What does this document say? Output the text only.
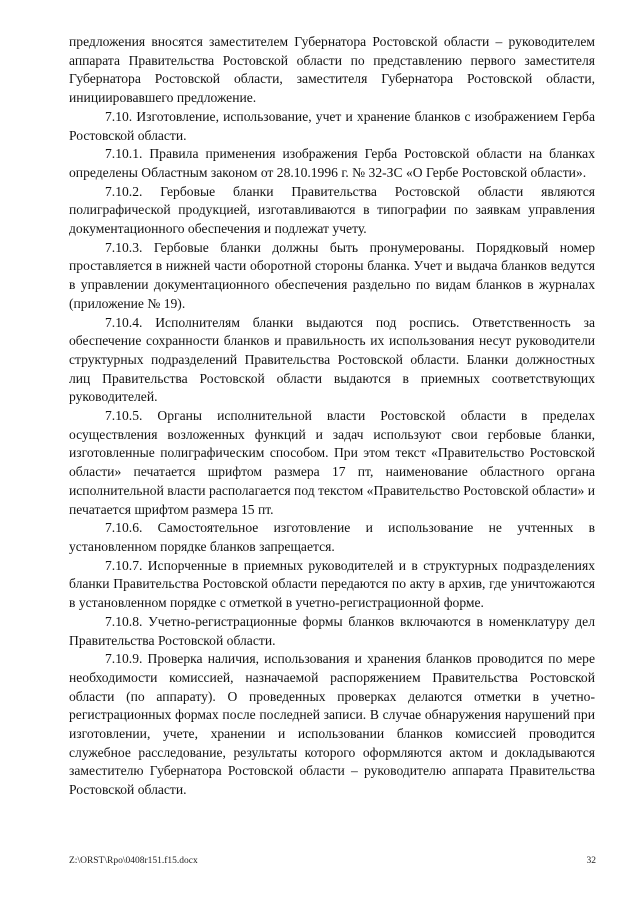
предложения вносятся заместителем Губернатора Ростовской области – руководителем аппарата Правительства Ростовской области по представлению первого заместителя Губернатора Ростовской области, заместителя Губернатора Ростовской области, инициировавшего предложение.

7.10. Изготовление, использование, учет и хранение бланков с изображением Герба Ростовской области.

7.10.1. Правила применения изображения Герба Ростовской области на бланках определены Областным законом от 28.10.1996 г. № 32-ЗС «О Гербе Ростовской области».

7.10.2. Гербовые бланки Правительства Ростовской области являются полиграфической продукцией, изготавливаются в типографии по заявкам управления документационного обеспечения и подлежат учету.

7.10.3. Гербовые бланки должны быть пронумерованы. Порядковый номер проставляется в нижней части оборотной стороны бланка. Учет и выдача бланков ведутся в управлении документационного обеспечения раздельно по видам бланков в журналах (приложение № 19).

7.10.4. Исполнителям бланки выдаются под роспись. Ответственность за обеспечение сохранности бланков и правильность их использования несут руководители структурных подразделений Правительства Ростовской области. Бланки должностных лиц Правительства Ростовской области выдаются в приемных соответствующих руководителей.

7.10.5. Органы исполнительной власти Ростовской области в пределах осуществления возложенных функций и задач используют свои гербовые бланки, изготовленные полиграфическим способом. При этом текст «Правительство Ростовской области» печатается шрифтом размера 17 пт, наименование областного органа исполнительной власти располагается под текстом «Правительство Ростовской области» и печатается шрифтом размера 15 пт.

7.10.6. Самостоятельное изготовление и использование не учтенных в установленном порядке бланков запрещается.

7.10.7. Испорченные в приемных руководителей и в структурных подразделениях бланки Правительства Ростовской области передаются по акту в архив, где уничтожаются в установленном порядке с отметкой в учетно-регистрационной форме.

7.10.8. Учетно-регистрационные формы бланков включаются в номенклатуру дел Правительства Ростовской области.

7.10.9. Проверка наличия, использования и хранения бланков проводится по мере необходимости комиссией, назначаемой распоряжением Правительства Ростовской области (по аппарату). О проведенных проверках делаются отметки в учетно-регистрационных формах после последней записи. В случае обнаружения нарушений при изготовлении, учете, хранении и использовании бланков комиссией проводится служебное расследование, результаты которого оформляются актом и докладываются заместителю Губернатора Ростовской области – руководителю аппарата Правительства Ростовской области.

Z:\ORST\Rpo\0408r151.f15.docx	32
